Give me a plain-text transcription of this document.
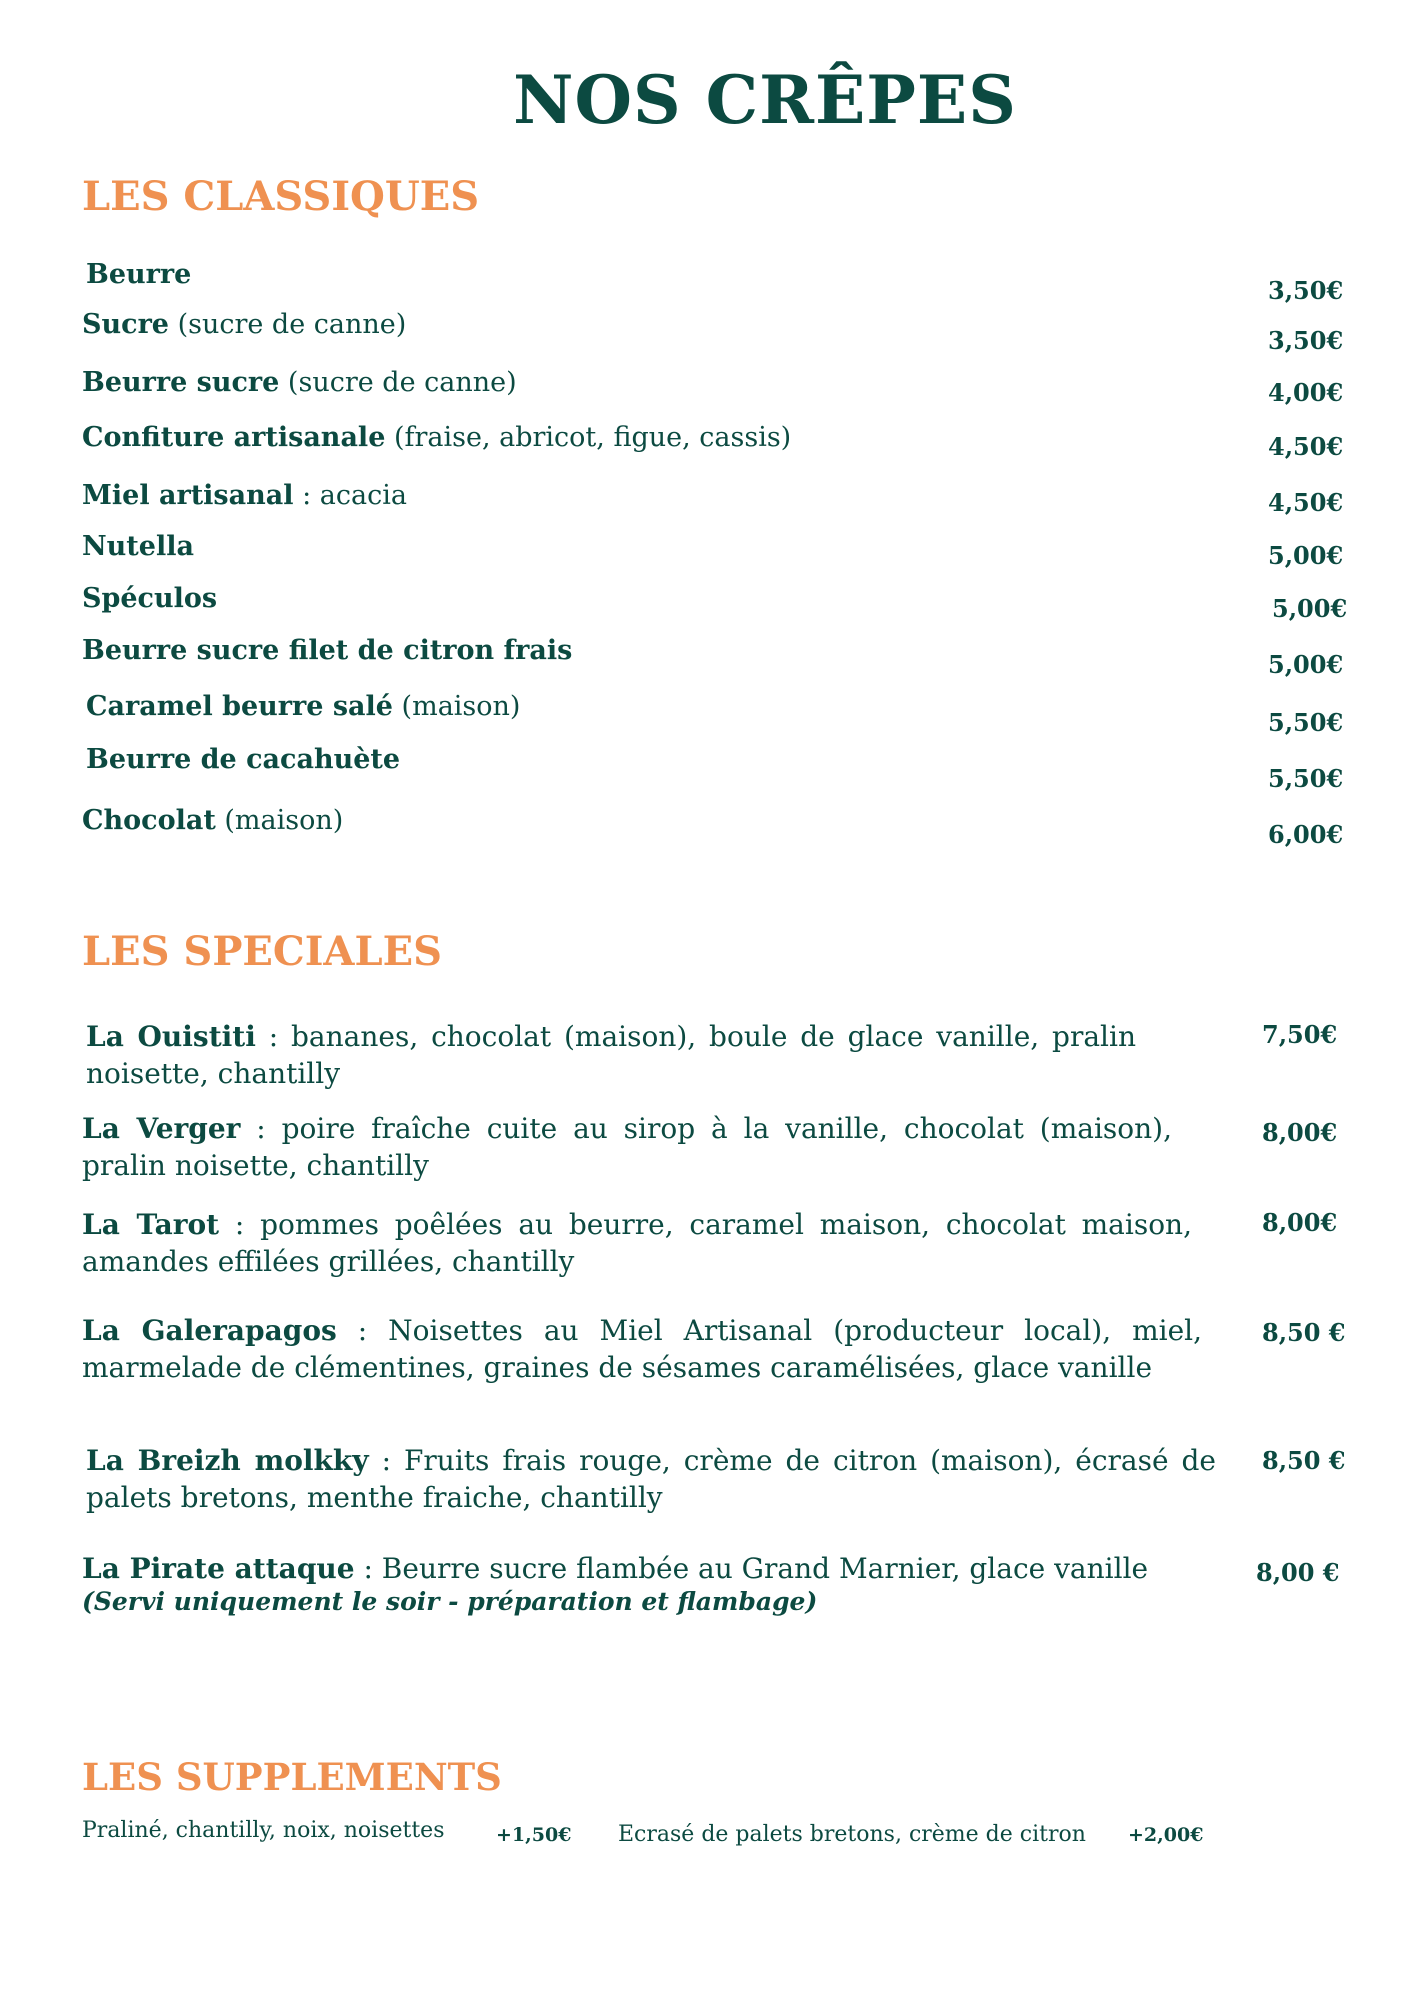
NOS CRÊPES
LES CLASSIQUES
Beurre
3,50€
Sucre (sucre de canne)
3,50€
Beurre sucre (sucre de canne)	4,00€
Confiture artisanale (fraise, abricot, figue, cassis)	4,50€
Miel artisanal : acacia	4,50€
Nutella	5,00€
Spéculos	5,00€
Beurre sucre filet de citron frais	5,00€
Caramel beurre salé (maison)
5,50€
Beurre de cacahuète
5,50€
Chocolat (maison)	6,00€
LES SPECIALES
La Ouistiti : bananes, chocolat (maison), boule de glace vanille, pralin noisette, chantilly
7,50€
La Verger : poire fraîche cuite au sirop à la vanille, chocolat (maison), pralin noisette, chantilly
8,00€
La Tarot : pommes poêlées au beurre, caramel maison, chocolat maison, amandes effilées grillées, chantilly
8,00€
La Galerapagos : Noisettes au Miel Artisanal (producteur local), miel, marmelade de clémentines, graines de sésames caramélisées, glace vanille
8,50 €
La Breizh molkky : Fruits frais rouge, crème de citron (maison), écrasé de palets bretons, menthe fraiche, chantilly
8,50 €
La Pirate attaque : Beurre sucre flambée au Grand Marnier, glace vanille
(Servi uniquement le soir - préparation et flambage)
8,00 €
LES SUPPLEMENTS
Praliné, chantilly, noix, noisettes	+1,50€ Ecrasé de palets bretons, crème de citron +2,00€
